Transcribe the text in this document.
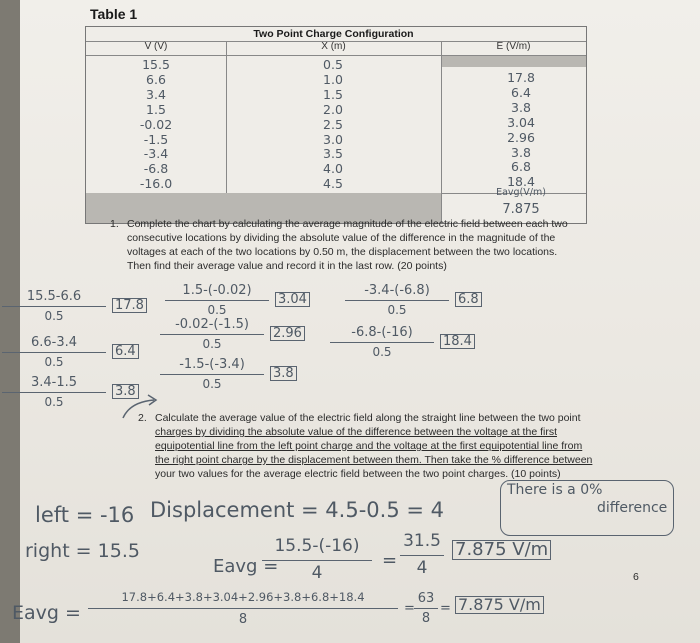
Table 1
Two Point Charge Configuration
V (V)	X (m)	E (V/m)
15.5
6.6
3.4
1.5
-0.02
-1.5
-3.4
-6.8
-16.0
0.5
1.0
1.5
2.0
2.5
3.0
3.5
4.0
4.5
17.8
6.4
3.8
3.04
2.96
3.8
6.8
18.4
Eavg(V/m)
7.875
1. Complete the chart by calculating the average magnitude of the electric field between each two
consecutive locations by dividing the absolute value of the difference in the magnitude of the
voltages at each of the two locations by 0.50 m, the displacement between the two locations.
Then find their average value and record it in the last row. (20 points)
15.5-6.6
0.5
17.8
6.6-3.4
0.5
6.4
3.4-1.5
0.5
3.8
1.5-(-0.02)
0.5
3.04
-0.02-(-1.5)
0.5
2.96
-1.5-(-3.4)
0.5
3.8
-3.4-(-6.8)
0.5
6.8
-6.8-(-16)
0.5
18.4
2. Calculate the average value of the electric field along the straight line between the two point
charges by dividing the absolute value of the difference between the voltage at the first
equipotential line from the left point charge and the voltage at the first equipotential line from
the right point charge by the displacement between them. Then take the % difference between
your two values for the average electric field between the two point charges. (10 points)
left = -16 Displacement = 4.5-0.5 = 4
There is a 0%
difference
right = 15.5
Eavg =
15.5-(-16)
4
=
31.5
4
7.875 V/m
Eavg =
17.8+6.4+3.8+3.04+2.96+3.8+6.8+18.4
8
=
63
8
= 7.875 V/m
6
